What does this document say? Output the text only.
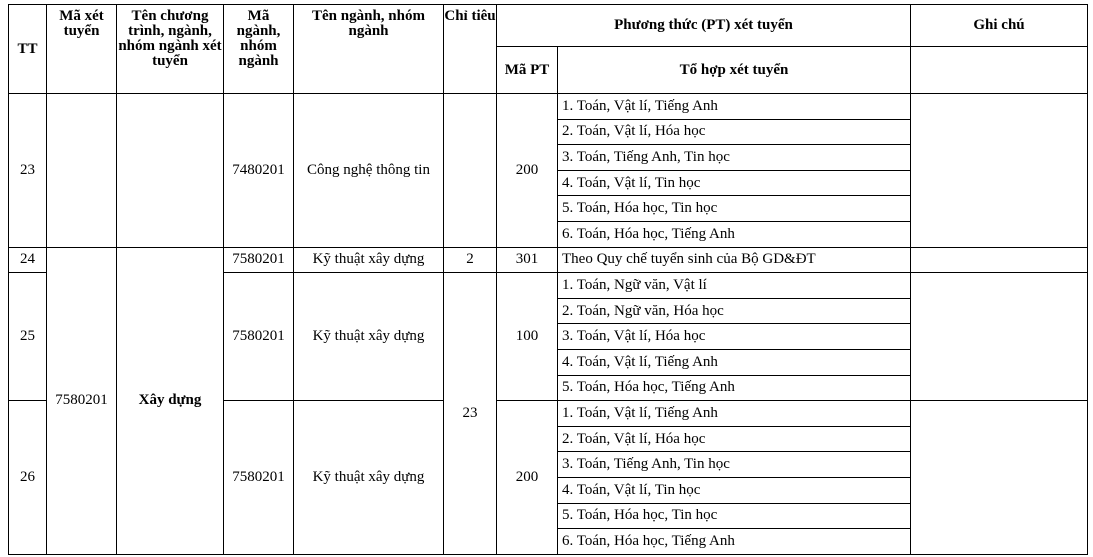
TT	Mã xét tuyển	Tên chương trình, ngành, nhóm ngành xét tuyển	Mã ngành, nhóm ngành	Tên ngành, nhóm ngành	Chỉ tiêu	Phương thức (PT) xét tuyển		Ghi chú
						Mã PT	Tổ hợp xét tuyển	
23			7480201	Công nghệ thông tin		200	1. Toán, Vật lí, Tiếng Anh	
							2. Toán, Vật lí, Hóa học	
							3. Toán, Tiếng Anh, Tin học	
							4. Toán, Vật lí, Tin học	
							5. Toán, Hóa học, Tin học	
							6. Toán, Hóa học, Tiếng Anh	
24	7580201	Xây dựng	7580201	Kỹ thuật xây dựng	2	301	Theo Quy chế tuyển sinh của Bộ GD&ĐT	
25			7580201	Kỹ thuật xây dựng	23	100	1. Toán, Ngữ văn, Vật lí	
							2. Toán, Ngữ văn, Hóa học	
							3. Toán, Vật lí, Hóa học	
							4. Toán, Vật lí, Tiếng Anh	
							5. Toán, Hóa học, Tiếng Anh	
26			7580201	Kỹ thuật xây dựng		200	1. Toán, Vật lí, Tiếng Anh	
							2. Toán, Vật lí, Hóa học	
							3. Toán, Tiếng Anh, Tin học	
							4. Toán, Vật lí, Tin học	
							5. Toán, Hóa học, Tin học	
							6. Toán, Hóa học, Tiếng Anh	
